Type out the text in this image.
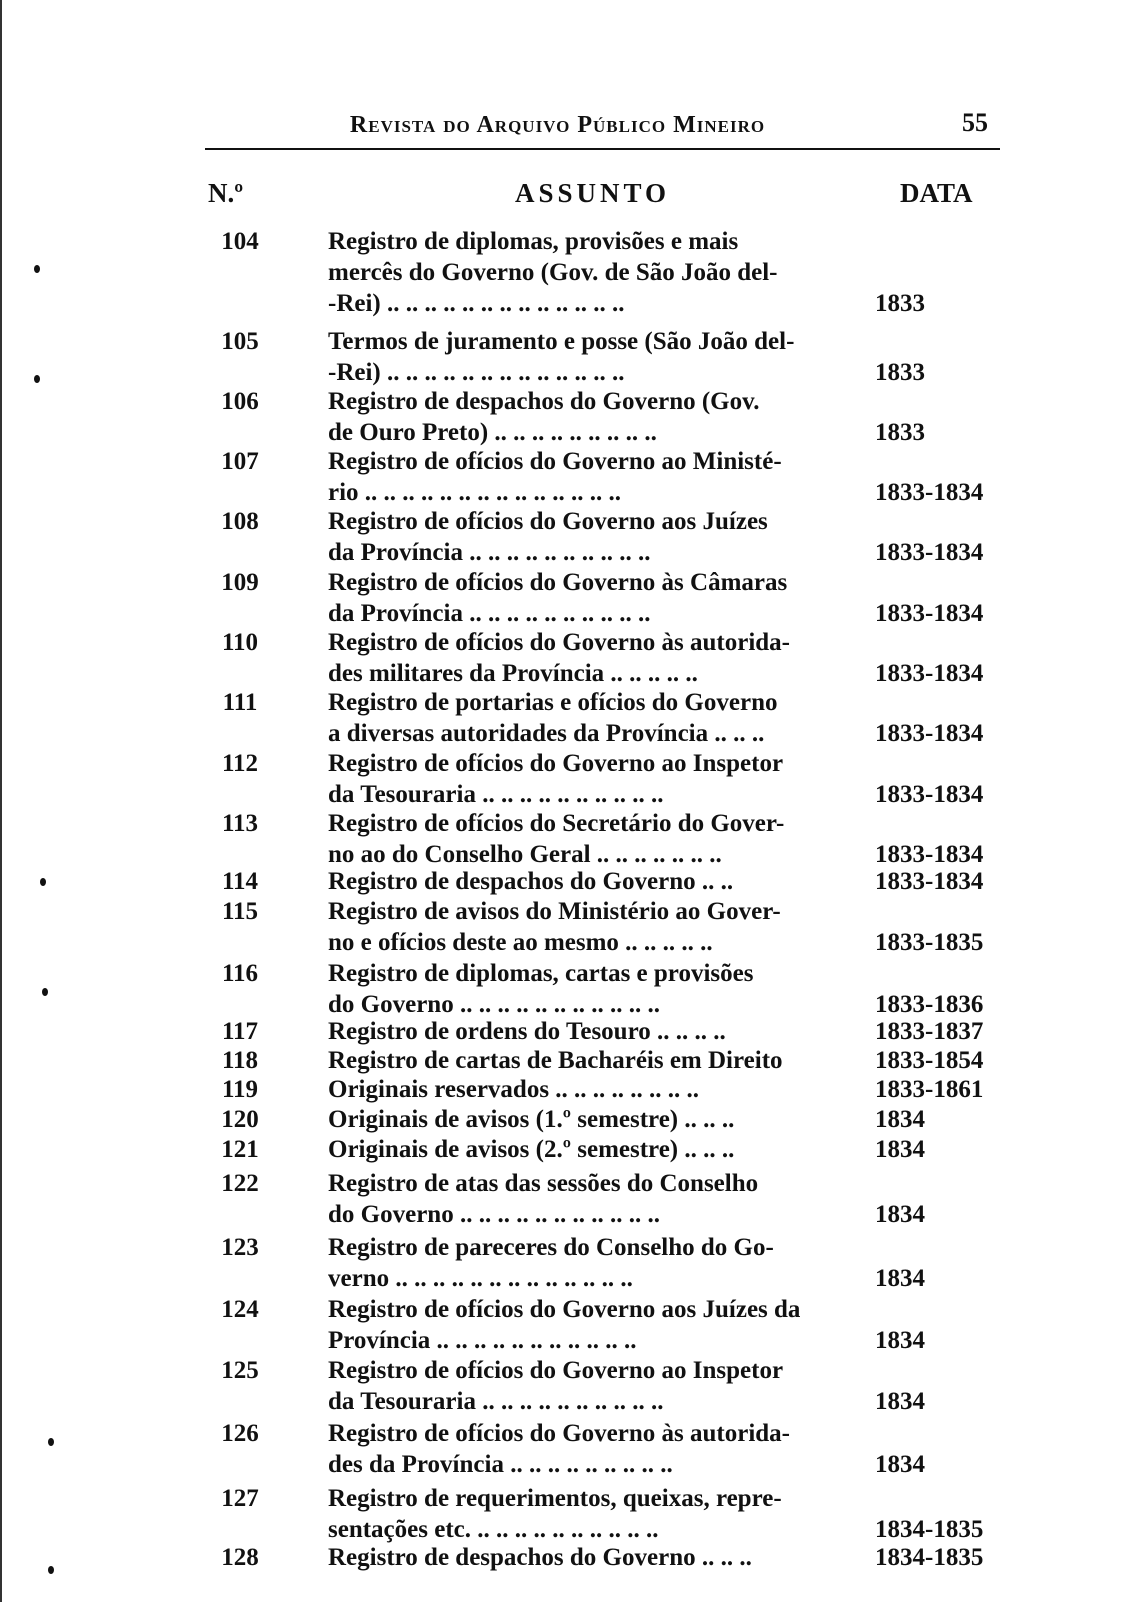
Revista do Arquivo Público Mineiro	55
N.º	ASSUNTO	DATA
104	Registro de diplomas, provisões e mais
mercês do Governo (Gov. de São João del-
-Rei) .. .. .. .. .. .. .. .. .. .. .. .. ..	1833
105	Termos de juramento e posse (São João del-
-Rei) .. .. .. .. .. .. .. .. .. .. .. .. ..	1833
106	Registro de despachos do Governo (Gov.
de Ouro Preto) .. .. .. .. .. .. .. .. ..	1833
107	Registro de ofícios do Governo ao Ministé-
rio .. .. .. .. .. .. .. .. .. .. .. .. .. ..	1833-1834
108	Registro de ofícios do Governo aos Juízes
da Província .. .. .. .. .. .. .. .. .. ..	1833-1834
109	Registro de ofícios do Governo às Câmaras
da Província .. .. .. .. .. .. .. .. .. ..	1833-1834
110	Registro de ofícios do Governo às autorida-
des militares da Província .. .. .. .. ..	1833-1834
111	Registro de portarias e ofícios do Governo
a diversas autoridades da Província .. .. ..	1833-1834
112	Registro de ofícios do Governo ao Inspetor
da Tesouraria .. .. .. .. .. .. .. .. .. ..	1833-1834
113	Registro de ofícios do Secretário do Gover-
no ao do Conselho Geral .. .. .. .. .. .. ..	1833-1834
114	Registro de despachos do Governo .. ..	1833-1834
115	Registro de avisos do Ministério ao Gover-
no e ofícios deste ao mesmo .. .. .. .. ..	1833-1835
116	Registro de diplomas, cartas e provisões
do Governo .. .. .. .. .. .. .. .. .. .. ..	1833-1836
117	Registro de ordens do Tesouro .. .. .. ..	1833-1837
118	Registro de cartas de Bacharéis em Direito	1833-1854
119	Originais reservados .. .. .. .. .. .. .. ..	1833-1861
120	Originais de avisos (1.º semestre) .. .. ..	1834
121	Originais de avisos (2.º semestre) .. .. ..	1834
122	Registro de atas das sessões do Conselho
do Governo .. .. .. .. .. .. .. .. .. .. ..	1834
123	Registro de pareceres do Conselho do Go-
verno .. .. .. .. .. .. .. .. .. .. .. .. ..	1834
124	Registro de ofícios do Governo aos Juízes da
Província .. .. .. .. .. .. .. .. .. .. ..	1834
125	Registro de ofícios do Governo ao Inspetor
da Tesouraria .. .. .. .. .. .. .. .. .. ..	1834
126	Registro de ofícios do Governo às autorida-
des da Província .. .. .. .. .. .. .. .. ..	1834
127	Registro de requerimentos, queixas, repre-
sentações etc. .. .. .. .. .. .. .. .. .. ..	1834-1835
128	Registro de despachos do Governo .. .. ..	1834-1835
